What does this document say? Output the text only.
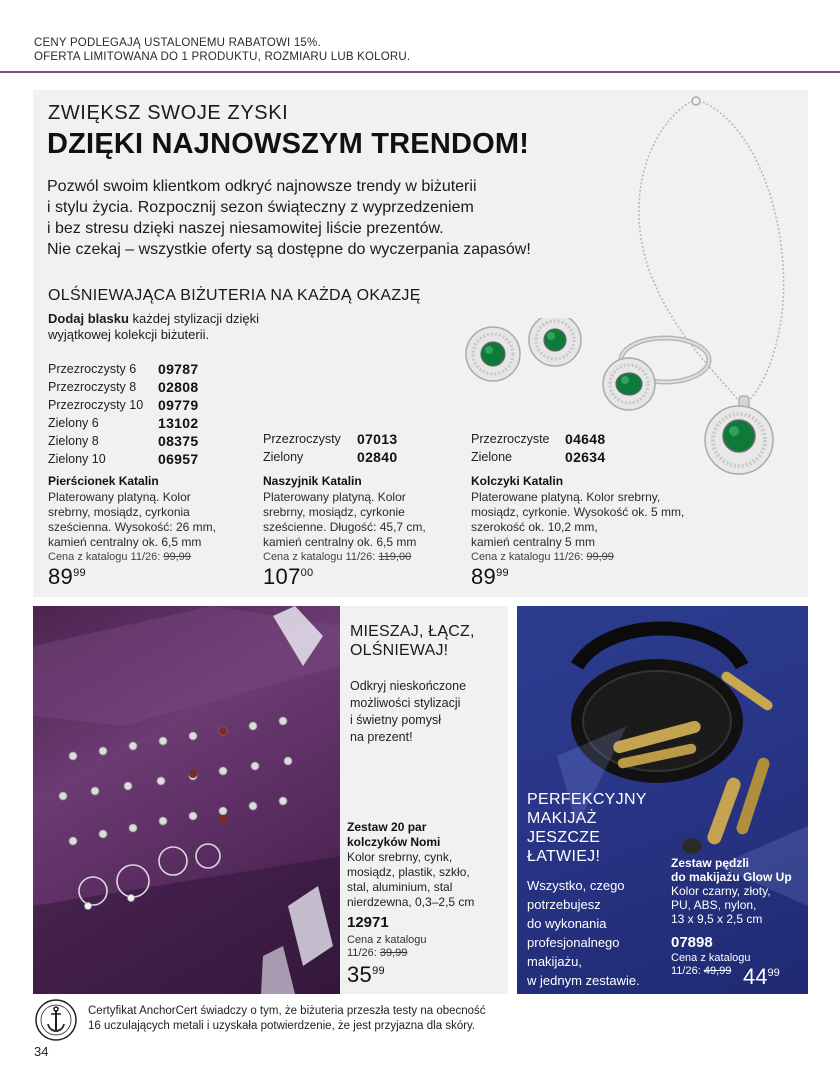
CENY PODLEGAJĄ USTALONEMU RABATOWI 15%.
OFERTA LIMITOWANA DO 1 PRODUKTU, ROZMIARU LUB KOLORU.
ZWIĘKSZ SWOJE ZYSKI
DZIĘKI NAJNOWSZYM TRENDOM!
Pozwól swoim klientkom odkryć najnowsze trendy w biżuterii
i stylu życia. Rozpocznij sezon świąteczny z wyprzedzeniem
i bez stresu dzięki naszej niesamowitej liście prezentów.
Nie czekaj – wszystkie oferty są dostępne do wyczerpania zapasów!
OLŚNIEWAJĄCA BIŻUTERIA NA KAŻDĄ OKAZJĘ
Dodaj blasku każdej stylizacji dzięki
wyjątkowej kolekcji biżuterii.
Przezroczysty 6	09787
Przezroczysty 8	02808
Przezroczysty 10	09779
Zielony 6	13102
Zielony 8	08375
Zielony 10	06957
Przezroczysty	07013
Zielony	02840
Przezroczyste	04648
Zielone	02634
Pierścionek Katalin
Platerowany platyną. Kolor
srebrny, mosiądz, cyrkonia
sześcienna. Wysokość: 26 mm,
kamień centralny ok. 6,5 mm
Cena z katalogu 11/26: 99,99
$89^{99}$
Naszyjnik Katalin
Platerowany platyną. Kolor
srebrny, mosiądz, cyrkonie
sześcienne. Długość: 45,7 cm,
kamień centralny ok. 6,5 mm
Cena z katalogu 11/26: 119,00
$107^{00}$
Kolczyki Katalin
Platerowane platyną. Kolor srebrny,
mosiądz, cyrkonie. Wysokość ok. 5 mm,
szerokość ok. 10,2 mm,
kamień centralny 5 mm
Cena z katalogu 11/26: 99,99
$89^{99}$
MIESZAJ, ŁĄCZ,
OLŚNIEWAJ!
Odkryj nieskończone
możliwości stylizacji
i świetny pomysł
na prezent!
Zestaw 20 par
kolczyków Nomi
Kolor srebrny, cynk,
mosiądz, plastik, szkło,
stal, aluminium, stal
nierdzewna, 0,3–2,5 cm
12971
Cena z katalogu
11/26: 39,99
$35^{99}$
PERFEKCYJNY
MAKIJAŻ
JESZCZE
ŁATWIEJ!
Wszystko, czego
potrzebujesz
do wykonania
profesjonalnego
makijażu,
w jednym zestawie.
Zestaw pędzli
do makijażu Glow Up
Kolor czarny, złoty,
PU, ABS, nylon,
13 x 9,5 x 2,5 cm
07898
Cena z katalogu
11/26: 49,99 $44^{99}$
Certyfikat AnchorCert świadczy o tym, że biżuteria przeszła testy na obecność
16 uczulających metali i uzyskała potwierdzenie, że jest przyjazna dla skóry.
34
